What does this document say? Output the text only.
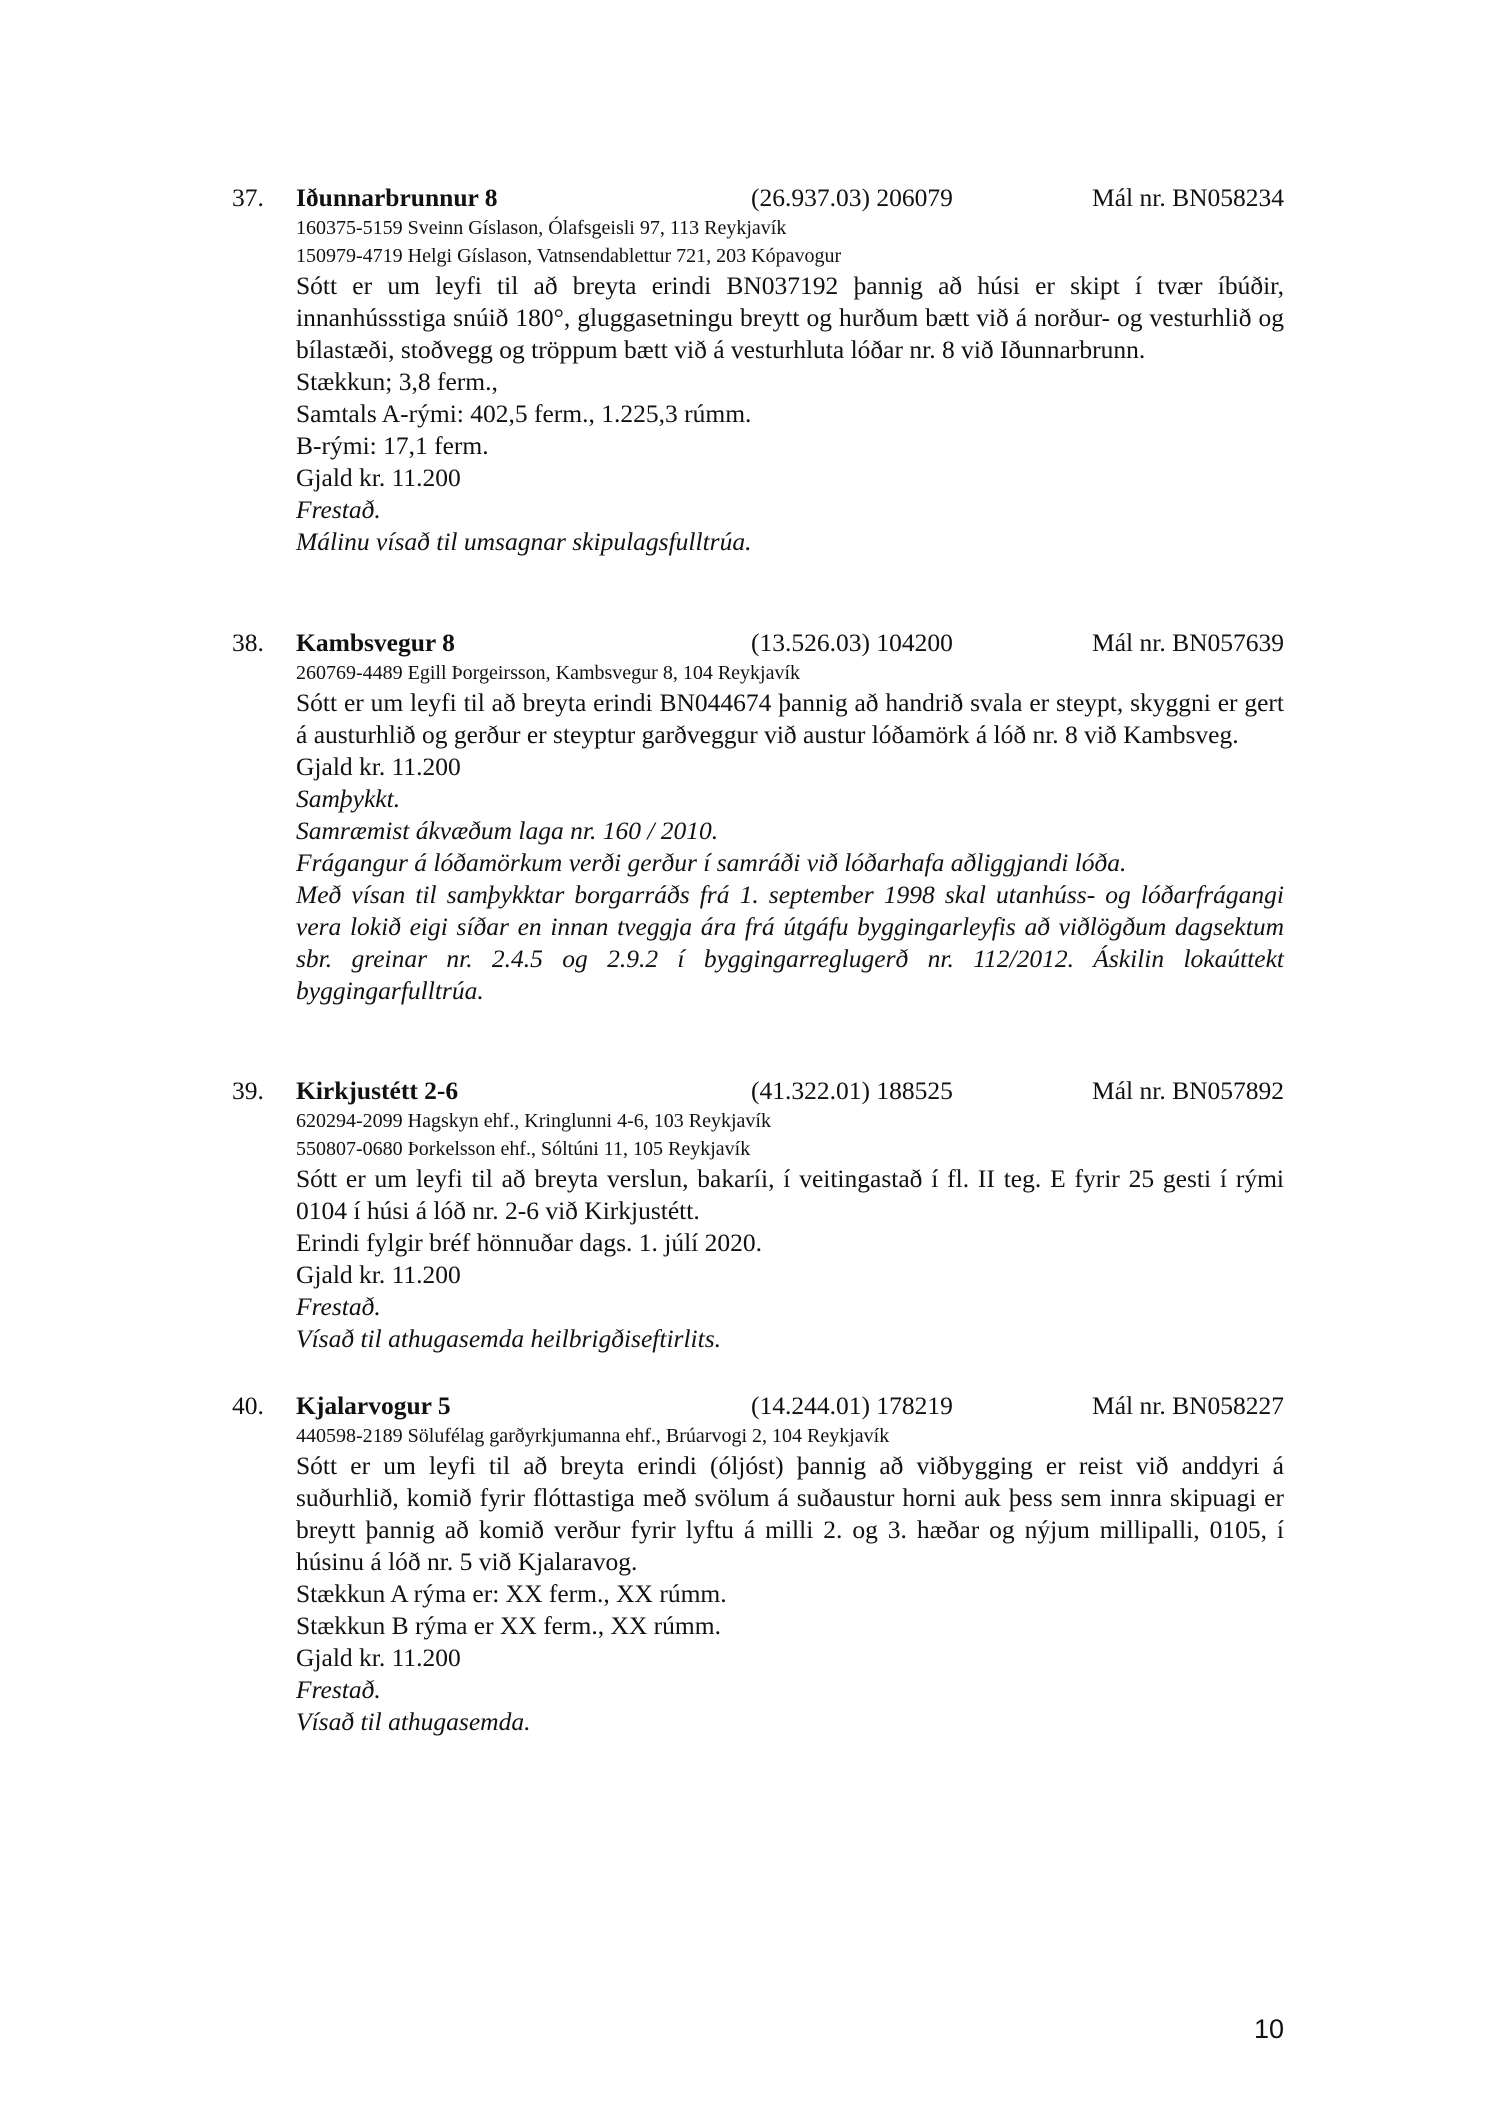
37. Iðunnarbrunnur 8	(26.937.03) 206079	Mál nr. BN058234
160375-5159 Sveinn Gíslason, Ólafsgeisli 97, 113 Reykjavík
150979-4719 Helgi Gíslason, Vatnsendablettur 721, 203 Kópavogur
Sótt er um leyfi til að breyta erindi BN037192 þannig að húsi er skipt í tvær íbúðir, innanhússstiga snúið 180°, gluggasetningu breytt og hurðum bætt við á norður- og vesturhlið og bílastæði, stoðvegg og tröppum bætt við á vesturhluta lóðar nr. 8 við Iðunnarbrunn.
Stækkun; 3,8 ferm.,
Samtals A-rými: 402,5 ferm., 1.225,3 rúmm.
B-rými: 17,1 ferm.
Gjald kr. 11.200
Frestað.
Málinu vísað til umsagnar skipulagsfulltrúa.
38. Kambsvegur 8	(13.526.03) 104200	Mál nr. BN057639
260769-4489 Egill Þorgeirsson, Kambsvegur 8, 104 Reykjavík
Sótt er um leyfi til að breyta erindi BN044674 þannig að handrið svala er steypt, skyggni er gert á austurhlið og gerður er steyptur garðveggur við austur lóðamörk á lóð nr. 8 við Kambsveg.
Gjald kr. 11.200
Samþykkt.
Samræmist ákvæðum laga nr. 160 / 2010.
Frágangur á lóðamörkum verði gerður í samráði við lóðarhafa aðliggjandi lóða.
Með vísan til samþykktar borgarráðs frá 1. september 1998 skal utanhúss- og lóðarfrágangi vera lokið eigi síðar en innan tveggja ára frá útgáfu byggingarleyfis að viðlögðum dagsektum sbr. greinar nr. 2.4.5 og 2.9.2 í byggingarreglugerð nr. 112/2012. Áskilin lokaúttekt byggingarfulltrúa.
39. Kirkjustétt 2-6	(41.322.01) 188525	Mál nr. BN057892
620294-2099 Hagskyn ehf., Kringlunni 4-6, 103 Reykjavík
550807-0680 Þorkelsson ehf., Sóltúni 11, 105 Reykjavík
Sótt er um leyfi til að breyta verslun, bakaríi, í veitingastað í fl. II teg. E fyrir 25 gesti í rými 0104 í húsi á lóð nr. 2-6 við Kirkjustétt.
Erindi fylgir bréf hönnuðar dags. 1. júlí 2020.
Gjald kr. 11.200
Frestað.
Vísað til athugasemda heilbrigðiseftirlits.
40. Kjalarvogur 5	(14.244.01) 178219	Mál nr. BN058227
440598-2189 Sölufélag garðyrkjumanna ehf., Brúarvogi 2, 104 Reykjavík
Sótt er um leyfi til að breyta erindi (óljóst) þannig að viðbygging er reist við anddyri á suðurhlið, komið fyrir flóttastiga með svölum á suðaustur horni auk þess sem innra skipuagi er breytt þannig að komið verður fyrir lyftu á milli 2. og 3. hæðar og nýjum millipalli, 0105, í húsinu á lóð nr. 5 við Kjalaravog.
Stækkun A rýma er: XX ferm., XX rúmm.
Stækkun B rýma er XX ferm., XX rúmm.
Gjald kr. 11.200
Frestað.
Vísað til athugasemda.
10
